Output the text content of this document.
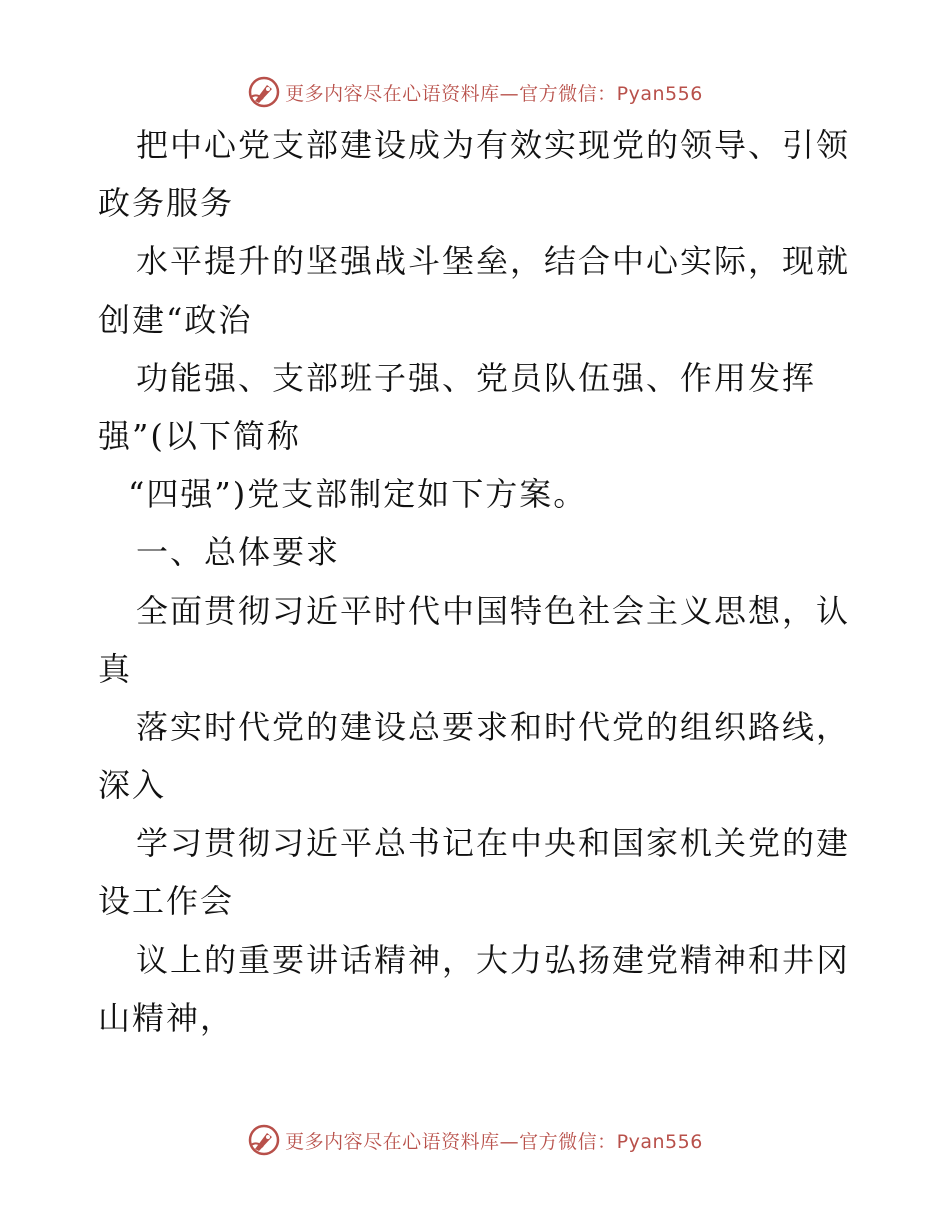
更多内容尽在心语资料库—官方微信：Pyan556
把中心党支部建设成为有效实现党的领导、引领
政务服务
水平提升的坚强战斗堡垒，结合中心实际，现就
创建“政治
功能强、支部班子强、党员队伍强、作用发挥
强”(以下简称
“四强”)党支部制定如下方案。
一、总体要求
全面贯彻习近平时代中国特色社会主义思想，认
真
落实时代党的建设总要求和时代党的组织路线，
深入
学习贯彻习近平总书记在中央和国家机关党的建
设工作会
议上的重要讲话精神，大力弘扬建党精神和井冈
山精神，
更多内容尽在心语资料库—官方微信：Pyan556
